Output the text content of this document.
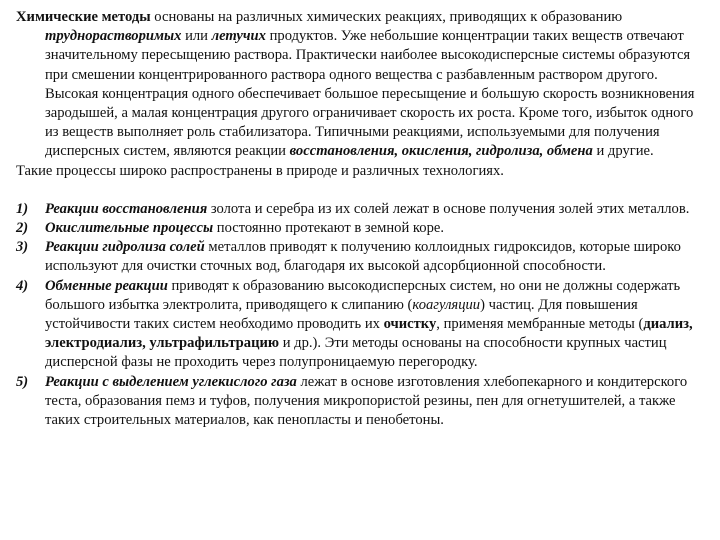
Химические методы основаны на различных химических реакциях, приводящих к образованию труднорастворимых или летучих продуктов. Уже небольшие концентрации таких веществ отвечают значительному пересыщению раствора. Практически наиболее высокодисперсные системы образуются при смешении концентрированного раствора одного вещества с разбавленным раствором другого. Высокая концентрация одного обеспечивает большое пересыщение и большую скорость возникновения зародышей, а малая концентрация другого ограничивает скорость их роста. Кроме того, избыток одного из веществ выполняет роль стабилизатора. Типичными реакциями, используемыми для получения дисперсных систем, являются реакции восстановления, окисления, гидролиза, обмена и другие.

Такие процессы широко распространены в природе и различных технологиях.

1) Реакции восстановления золота и серебра из их солей лежат в основе получения золей этих металлов.
2) Окислительные процессы постоянно протекают в земной коре.
3) Реакции гидролиза солей металлов приводят к получению коллоидных гидроксидов, которые широко используют для очистки сточных вод, благодаря их высокой адсорбционной способности.
4) Обменные реакции приводят к образованию высокодисперсных систем, но они не должны содержать большого избытка электролита, приводящего к слипанию (коагуляции) частиц. Для повышения устойчивости таких систем необходимо проводить их очистку, применяя мембранные методы (диализ, электродиализ, ультрафильтрацию и др.). Эти методы основаны на способности крупных частиц дисперсной фазы не проходить через полупроницаемую перегородку.
5) Реакции с выделением углекислого газа лежат в основе изготовления хлебопекарного и кондитерского теста, образования пемз и туфов, получения микропористой резины, пен для огнетушителей, а также таких строительных материалов, как пенопласты и пенобетоны.
